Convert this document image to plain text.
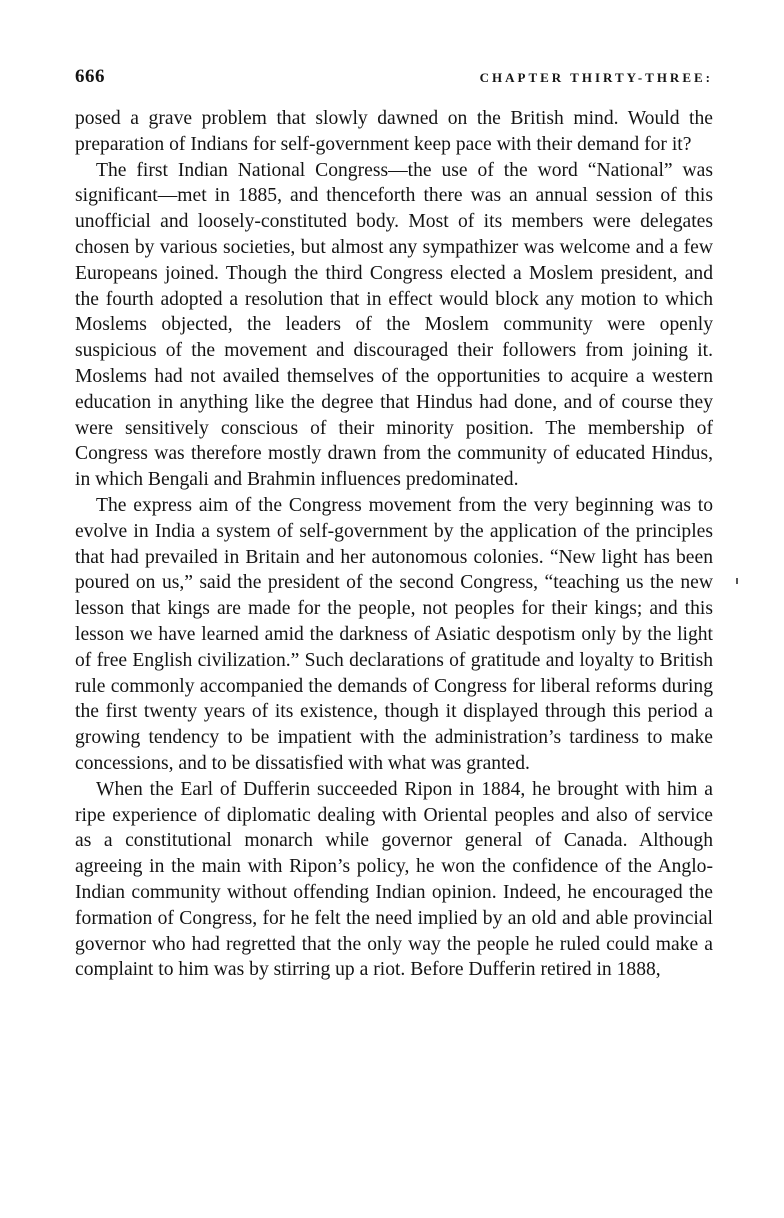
666	CHAPTER THIRTY-THREE:

posed a grave problem that slowly dawned on the British mind. Would the preparation of Indians for self-government keep pace with their demand for it?

The first Indian National Congress—the use of the word “National” was significant—met in 1885, and thenceforth there was an annual session of this unofficial and loosely-constituted body. Most of its members were delegates chosen by various societies, but almost any sympathizer was welcome and a few Europeans joined. Though the third Congress elected a Moslem president, and the fourth adopted a resolution that in effect would block any motion to which Moslems objected, the leaders of the Moslem community were openly suspicious of the movement and discouraged their followers from joining it. Moslems had not availed themselves of the opportunities to acquire a western education in anything like the degree that Hindus had done, and of course they were sensitively conscious of their minority position. The membership of Congress was therefore mostly drawn from the community of educated Hindus, in which Bengali and Brahmin influences predominated.

The express aim of the Congress movement from the very beginning was to evolve in India a system of self-government by the application of the principles that had prevailed in Britain and her autonomous colonies. “New light has been poured on us,” said the president of the second Congress, “teaching us the new lesson that kings are made for the people, not peoples for their kings; and this lesson we have learned amid the darkness of Asiatic despotism only by the light of free English civilization.” Such declarations of gratitude and loyalty to British rule commonly accompanied the demands of Congress for liberal reforms during the first twenty years of its existence, though it displayed through this period a growing tendency to be impatient with the administration’s tardiness to make concessions, and to be dissatisfied with what was granted.

When the Earl of Dufferin succeeded Ripon in 1884, he brought with him a ripe experience of diplomatic dealing with Oriental peoples and also of service as a constitutional monarch while governor general of Canada. Although agreeing in the main with Ripon’s policy, he won the confidence of the Anglo-Indian community without offending Indian opinion. Indeed, he encouraged the formation of Congress, for he felt the need implied by an old and able provincial governor who had regretted that the only way the people he ruled could make a complaint to him was by stirring up a riot. Before Dufferin retired in 1888,
